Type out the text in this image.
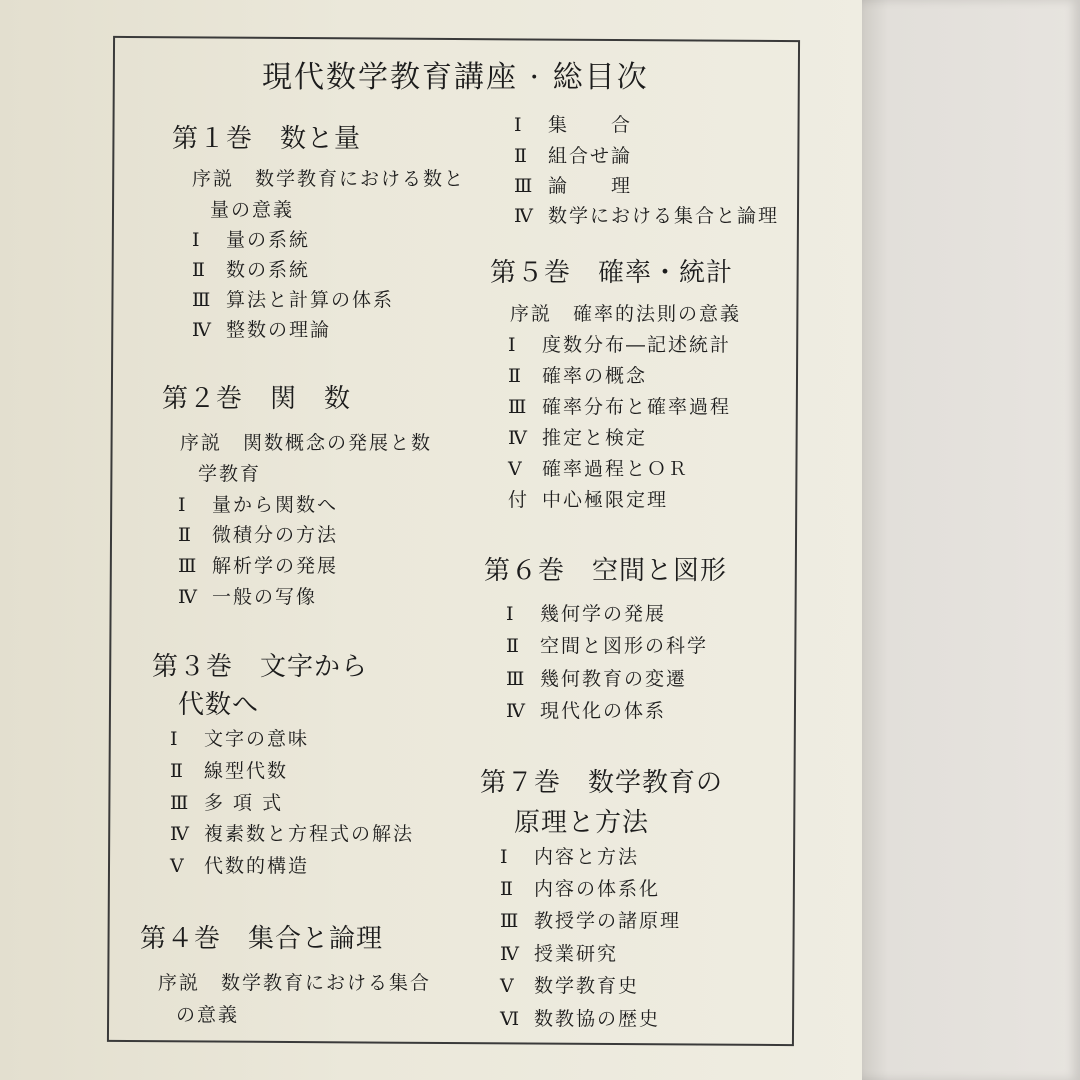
現代数学教育講座 · 総目次
第１巻　数と量
序説　数学教育における数と
量の意義
Ⅰ 量の系統
Ⅱ 数の系統
Ⅲ 算法と計算の体系
Ⅳ 整数の理論
第２巻　関　数
序説　関数概念の発展と数
学教育
Ⅰ 量から関数へ
Ⅱ 微積分の方法
Ⅲ 解析学の発展
Ⅳ 一般の写像
第３巻　文字から
代数へ
Ⅰ 文字の意味
Ⅱ 線型代数
Ⅲ 多 項 式
Ⅳ 複素数と方程式の解法
Ⅴ 代数的構造
第４巻　集合と論理
序説　数学教育における集合
の意義
Ⅰ 集　　合
Ⅱ 組合せ論
Ⅲ 論　　理
Ⅳ 数学における集合と論理
第５巻　確率・統計
序説　確率的法則の意義
Ⅰ 度数分布―記述統計
Ⅱ 確率の概念
Ⅲ 確率分布と確率過程
Ⅳ 推定と検定
Ⅴ 確率過程とＯＲ
付 中心極限定理
第６巻　空間と図形
Ⅰ 幾何学の発展
Ⅱ 空間と図形の科学
Ⅲ 幾何教育の変遷
Ⅳ 現代化の体系
第７巻　数学教育の
原理と方法
Ⅰ 内容と方法
Ⅱ 内容の体系化
Ⅲ 教授学の諸原理
Ⅳ 授業研究
Ⅴ 数学教育史
Ⅵ 数教協の歴史
